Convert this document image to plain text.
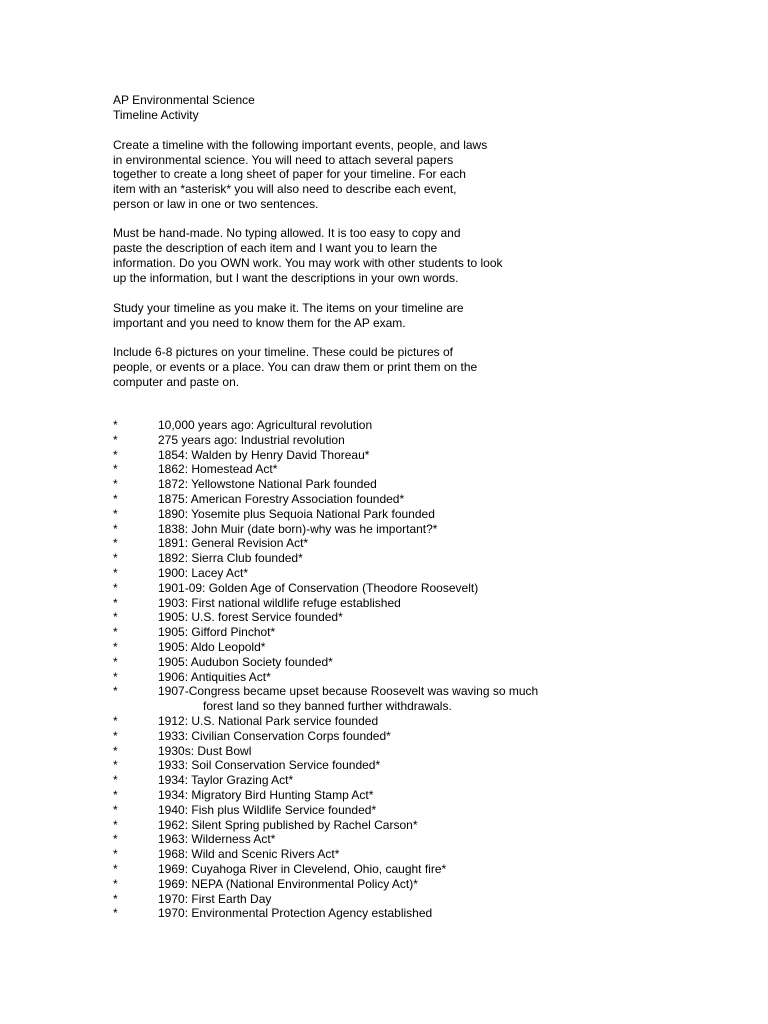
AP Environmental Science
Timeline Activity
Create a timeline with the following important events, people, and laws
in environmental science. You will need to attach several papers
together to create a long sheet of paper for your timeline. For each
item with an *asterisk* you will also need to describe each event,
person or law in one or two sentences.
Must be hand-made. No typing allowed. It is too easy to copy and
paste the description of each item and I want you to learn the
information. Do you OWN work. You may work with other students to look
up the information, but I want the descriptions in your own words.
Study your timeline as you make it. The items on your timeline are
important and you need to know them for the AP exam.
Include 6-8 pictures on your timeline. These could be pictures of
people, or events or a place. You can draw them or print them on the
computer and paste on.
*	10,000 years ago: Agricultural revolution
*	275 years ago: Industrial revolution
*	1854: Walden by Henry David Thoreau*
*	1862: Homestead Act*
*	1872: Yellowstone National Park founded
*	1875: American Forestry Association founded*
*	1890: Yosemite plus Sequoia National Park founded
*	1838: John Muir (date born)-why was he important?*
*	1891: General Revision Act*
*	1892: Sierra Club founded*
*	1900: Lacey Act*
*	1901-09: Golden Age of Conservation (Theodore Roosevelt)
*	1903: First national wildlife refuge established
*	1905: U.S. forest Service founded*
*	1905: Gifford Pinchot*
*	1905: Aldo Leopold*
*	1905: Audubon Society founded*
*	1906: Antiquities Act*
*	1907-Congress became upset because Roosevelt was waving so much
forest land so they banned further withdrawals.
*	1912: U.S. National Park service founded
*	1933: Civilian Conservation Corps founded*
*	1930s: Dust Bowl
*	1933: Soil Conservation Service founded*
*	1934: Taylor Grazing Act*
*	1934: Migratory Bird Hunting Stamp Act*
*	1940: Fish plus Wildlife Service founded*
*	1962: Silent Spring published by Rachel Carson*
*	1963: Wilderness Act*
*	1968: Wild and Scenic Rivers Act*
*	1969: Cuyahoga River in Clevelend, Ohio, caught fire*
*	1969: NEPA (National Environmental Policy Act)*
*	1970: First Earth Day
*	1970: Environmental Protection Agency established
